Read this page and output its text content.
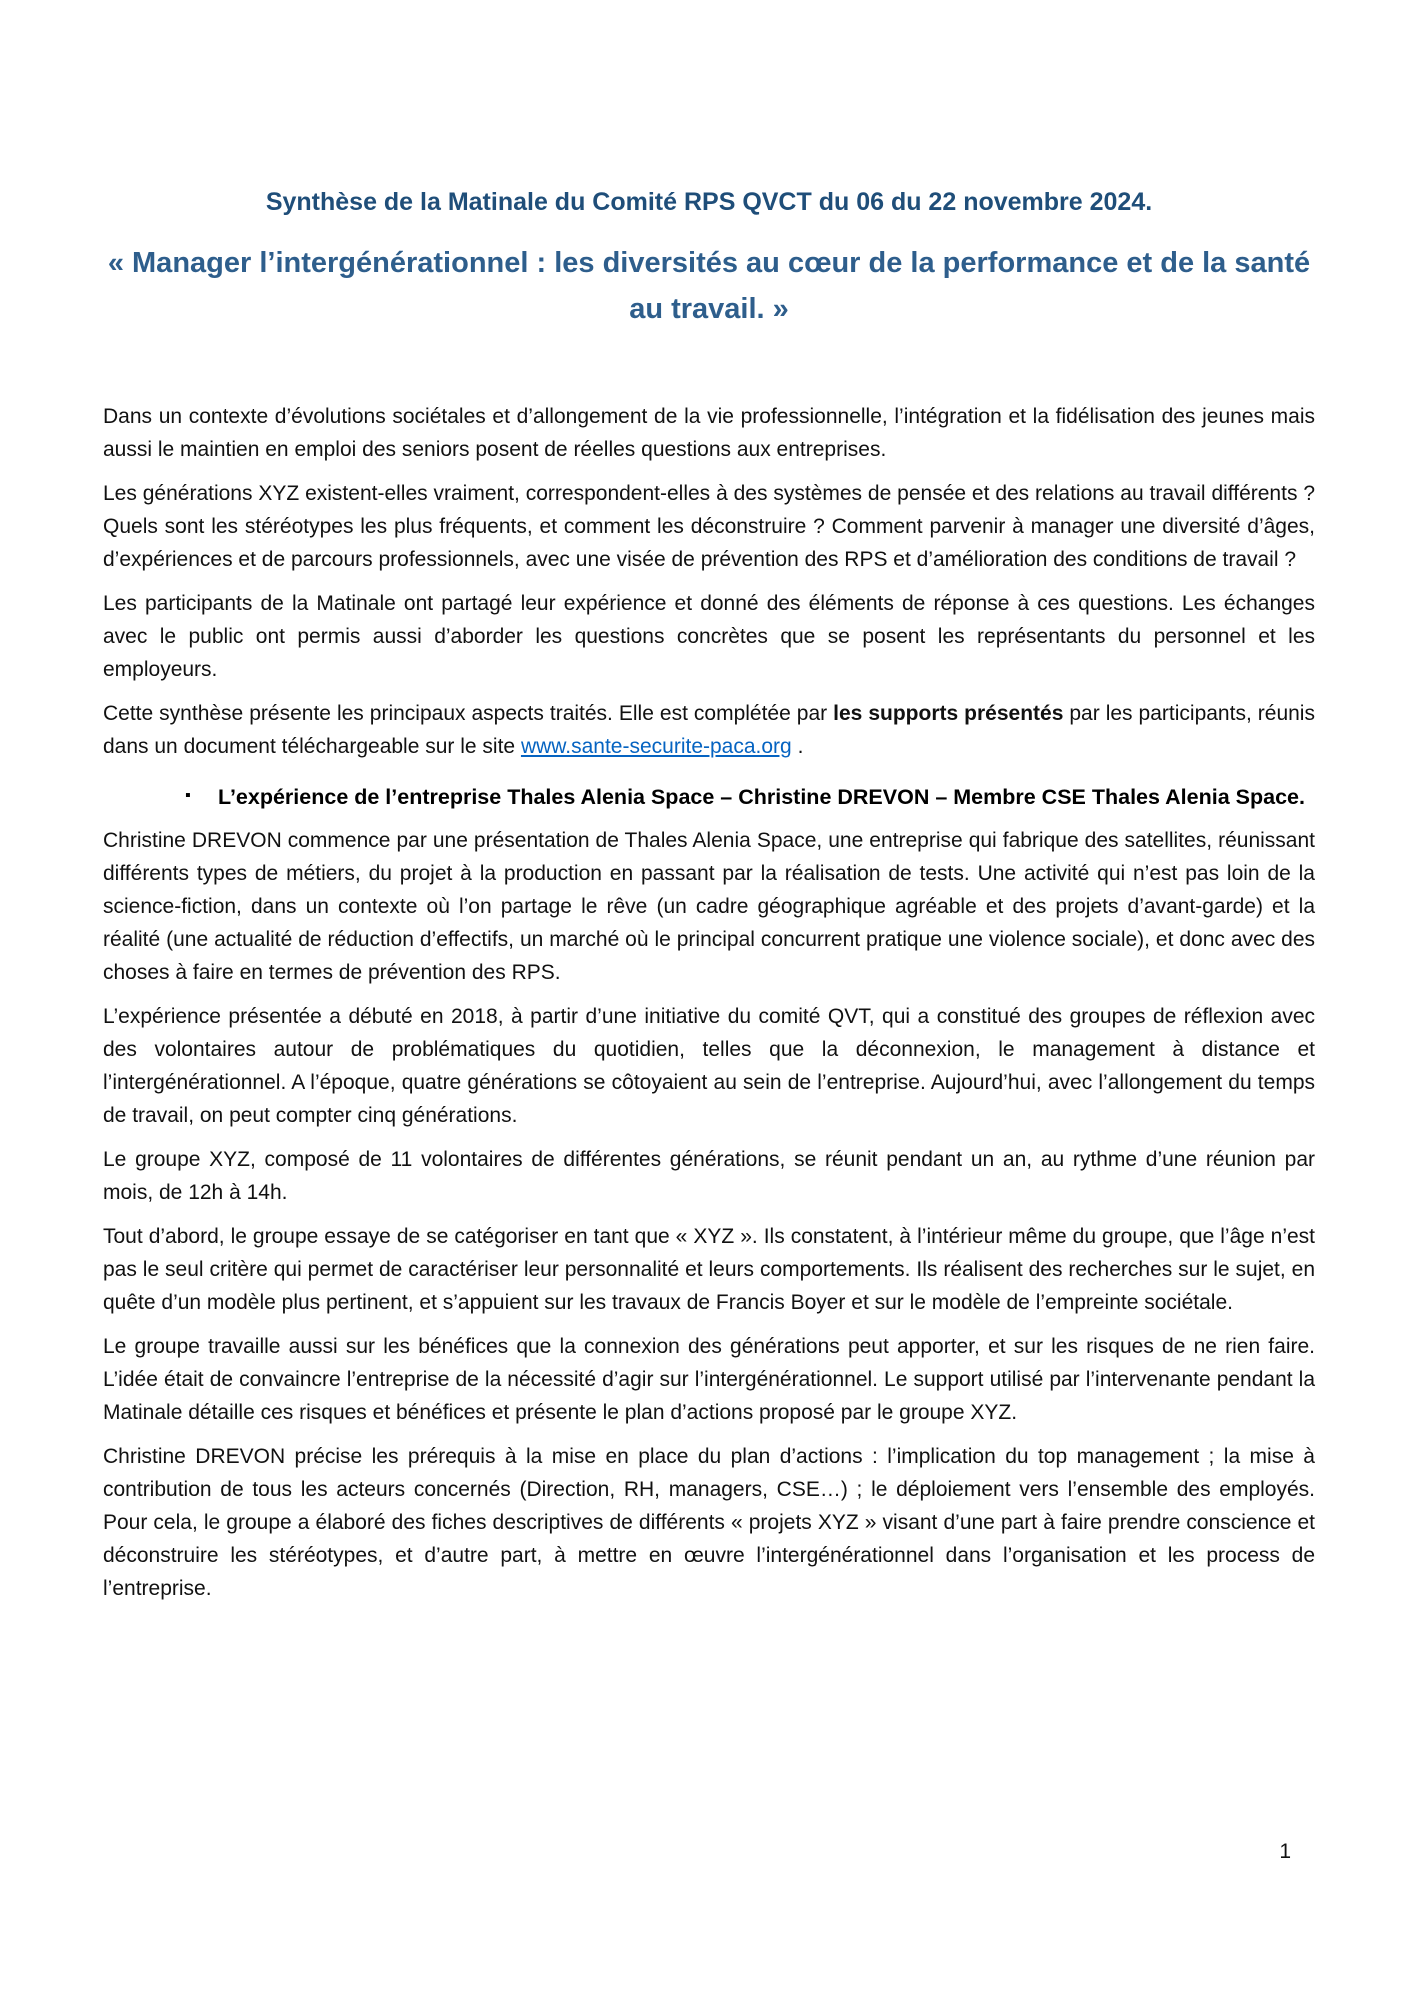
Synthèse de la Matinale du Comité RPS QVCT du 06 du 22 novembre 2024.
« Manager l’intergénérationnel : les diversités au cœur de la performance et de la santé au travail. »

Dans un contexte d’évolutions sociétales et d’allongement de la vie professionnelle, l’intégration et la fidélisation des jeunes mais aussi le maintien en emploi des seniors posent de réelles questions aux entreprises.

Les générations XYZ existent-elles vraiment, correspondent-elles à des systèmes de pensée et des relations au travail différents ? Quels sont les stéréotypes les plus fréquents, et comment les déconstruire ? Comment parvenir à manager une diversité d’âges, d’expériences et de parcours professionnels, avec une visée de prévention des RPS et d’amélioration des conditions de travail ?

Les participants de la Matinale ont partagé leur expérience et donné des éléments de réponse à ces questions. Les échanges avec le public ont permis aussi d’aborder les questions concrètes que se posent les représentants du personnel et les employeurs.

Cette synthèse présente les principaux aspects traités. Elle est complétée par les supports présentés par les participants, réunis dans un document téléchargeable sur le site www.sante-securite-paca.org .

▪ L’expérience de l’entreprise Thales Alenia Space – Christine DREVON – Membre CSE Thales Alenia Space.

Christine DREVON commence par une présentation de Thales Alenia Space, une entreprise qui fabrique des satellites, réunissant différents types de métiers, du projet à la production en passant par la réalisation de tests. Une activité qui n’est pas loin de la science-fiction, dans un contexte où l’on partage le rêve (un cadre géographique agréable et des projets d’avant-garde) et la réalité (une actualité de réduction d’effectifs, un marché où le principal concurrent pratique une violence sociale), et donc avec des choses à faire en termes de prévention des RPS.

L’expérience présentée a débuté en 2018, à partir d’une initiative du comité QVT, qui a constitué des groupes de réflexion avec des volontaires autour de problématiques du quotidien, telles que la déconnexion, le management à distance et l’intergénérationnel. A l’époque, quatre générations se côtoyaient au sein de l’entreprise. Aujourd’hui, avec l’allongement du temps de travail, on peut compter cinq générations.

Le groupe XYZ, composé de 11 volontaires de différentes générations, se réunit pendant un an, au rythme d’une réunion par mois, de 12h à 14h.

Tout d’abord, le groupe essaye de se catégoriser en tant que « XYZ ». Ils constatent, à l’intérieur même du groupe, que l’âge n’est pas le seul critère qui permet de caractériser leur personnalité et leurs comportements. Ils réalisent des recherches sur le sujet, en quête d’un modèle plus pertinent, et s’appuient sur les travaux de Francis Boyer et sur le modèle de l’empreinte sociétale.

Le groupe travaille aussi sur les bénéfices que la connexion des générations peut apporter, et sur les risques de ne rien faire. L’idée était de convaincre l’entreprise de la nécessité d’agir sur l’intergénérationnel. Le support utilisé par l’intervenante pendant la Matinale détaille ces risques et bénéfices et présente le plan d’actions proposé par le groupe XYZ.

Christine DREVON précise les prérequis à la mise en place du plan d’actions : l’implication du top management ; la mise à contribution de tous les acteurs concernés (Direction, RH, managers, CSE…) ; le déploiement vers l’ensemble des employés. Pour cela, le groupe a élaboré des fiches descriptives de différents « projets XYZ » visant d’une part à faire prendre conscience et déconstruire les stéréotypes, et d’autre part, à mettre en œuvre l’intergénérationnel dans l’organisation et les process de l’entreprise.

1
